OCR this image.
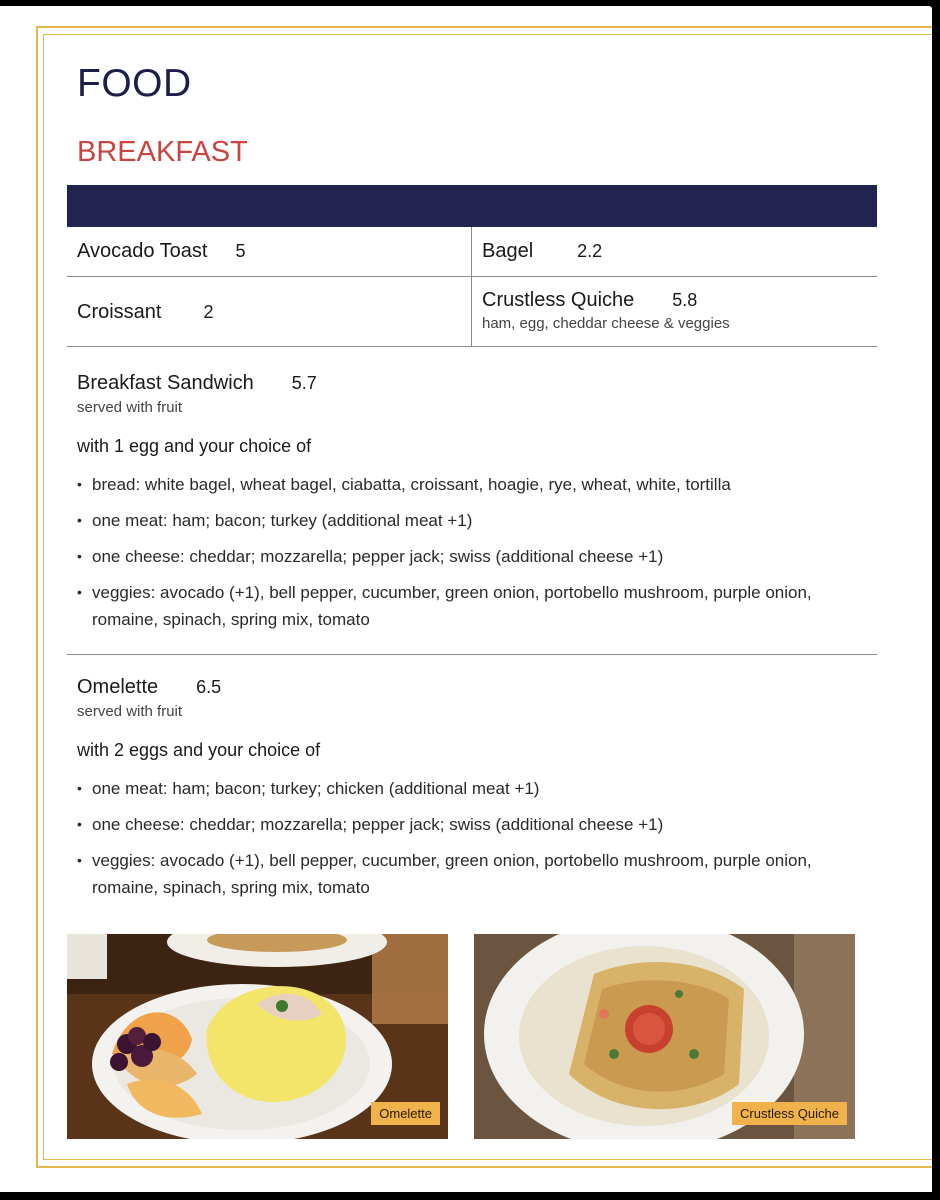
FOOD
BREAKFAST
Avocado Toast 5	Bagel 2.2
Croissant 2
Crustless Quiche 5.8
ham, egg, cheddar cheese & veggies
Breakfast Sandwich 5.7
served with fruit
with 1 egg and your choice of
• bread: white bagel, wheat bagel, ciabatta, croissant, hoagie, rye, wheat, white, tortilla
• one meat: ham; bacon; turkey (additional meat +1)
• one cheese: cheddar; mozzarella; pepper jack; swiss (additional cheese +1)
• veggies: avocado (+1), bell pepper, cucumber, green onion, portobello mushroom, purple onion, romaine, spinach, spring mix, tomato
Omelette 6.5
served with fruit
with 2 eggs and your choice of
• one meat: ham; bacon; turkey; chicken (additional meat +1)
• one cheese: cheddar; mozzarella; pepper jack; swiss (additional cheese +1)
• veggies: avocado (+1), bell pepper, cucumber, green onion, portobello mushroom, purple onion, romaine, spinach, spring mix, tomato
Omelette	Crustless Quiche
